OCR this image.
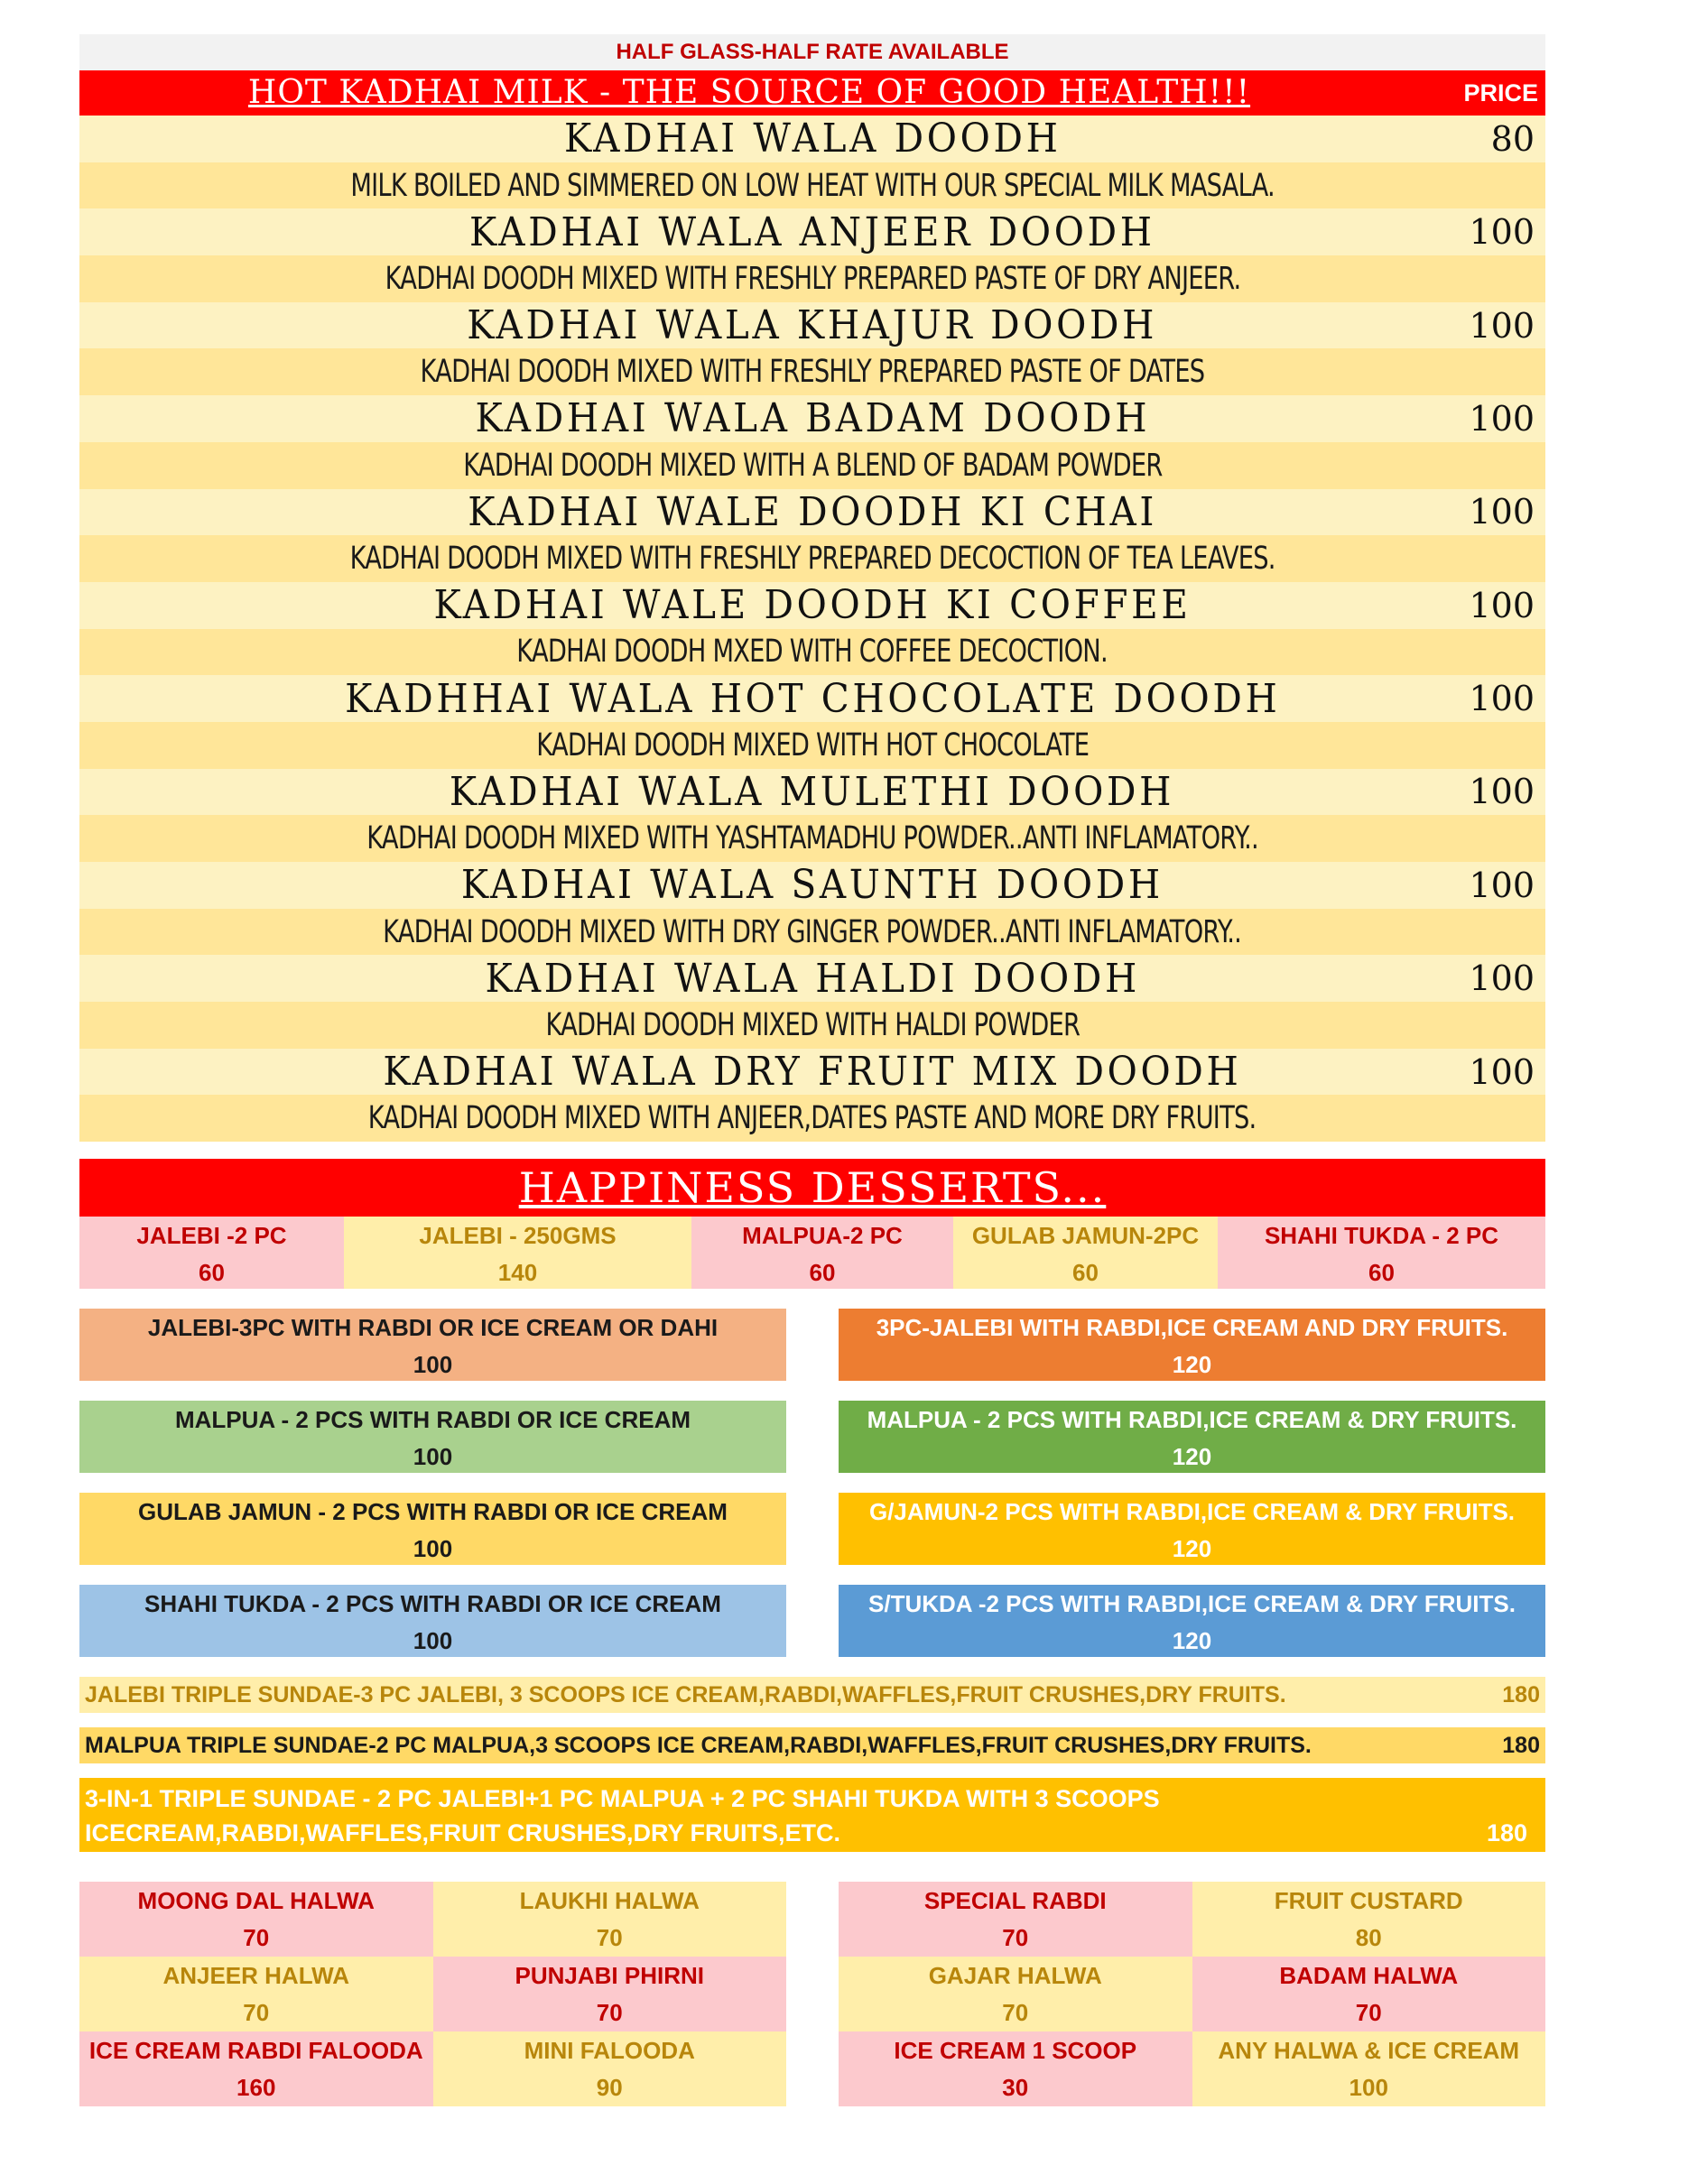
HALF GLASS-HALF RATE AVAILABLE
HOT KADHAI MILK - THE SOURCE OF GOOD HEALTH!!!	PRICE
KADHAI WALA DOODH	80
MILK BOILED AND SIMMERED ON LOW HEAT WITH OUR SPECIAL MILK MASALA.
KADHAI WALA ANJEER DOODH	100
KADHAI DOODH MIXED WITH FRESHLY PREPARED PASTE OF DRY ANJEER.
KADHAI WALA KHAJUR DOODH	100
KADHAI DOODH MIXED WITH FRESHLY PREPARED PASTE OF DATES
KADHAI WALA BADAM DOODH	100
KADHAI DOODH MIXED WITH A BLEND OF BADAM POWDER
KADHAI WALE DOODH KI CHAI	100
KADHAI DOODH MIXED WITH FRESHLY PREPARED DECOCTION OF TEA LEAVES.
KADHAI WALE DOODH KI COFFEE	100
KADHAI DOODH MXED WITH COFFEE DECOCTION.
KADHHAI WALA HOT CHOCOLATE DOODH	100
KADHAI DOODH MIXED WITH HOT CHOCOLATE
KADHAI WALA MULETHI DOODH	100
KADHAI DOODH MIXED WITH YASHTAMADHU POWDER..ANTI INFLAMATORY..
KADHAI WALA SAUNTH DOODH	100
KADHAI DOODH MIXED WITH DRY GINGER POWDER..ANTI INFLAMATORY..
KADHAI WALA HALDI DOODH	100
KADHAI DOODH MIXED WITH HALDI POWDER
KADHAI WALA DRY FRUIT MIX DOODH	100
KADHAI DOODH MIXED WITH ANJEER,DATES PASTE AND MORE DRY FRUITS.
HAPPINESS DESSERTS...
JALEBI -2 PC
60
JALEBI - 250GMS
140
MALPUA-2 PC
60
GULAB JAMUN-2PC
60
SHAHI TUKDA - 2 PC
60
JALEBI-3PC WITH RABDI OR ICE CREAM OR DAHI
100
3PC-JALEBI WITH RABDI,ICE CREAM AND DRY FRUITS.
120
MALPUA - 2 PCS WITH RABDI OR ICE CREAM
100
MALPUA - 2 PCS WITH RABDI,ICE CREAM & DRY FRUITS.
120
GULAB JAMUN - 2 PCS WITH RABDI OR ICE CREAM
100
G/JAMUN-2 PCS WITH RABDI,ICE CREAM & DRY FRUITS.
120
SHAHI TUKDA - 2 PCS WITH RABDI OR ICE CREAM
100
S/TUKDA -2 PCS WITH RABDI,ICE CREAM & DRY FRUITS.
120
JALEBI TRIPLE SUNDAE-3 PC JALEBI, 3 SCOOPS ICE CREAM,RABDI,WAFFLES,FRUIT CRUSHES,DRY FRUITS.	180
MALPUA TRIPLE SUNDAE-2 PC MALPUA,3 SCOOPS ICE CREAM,RABDI,WAFFLES,FRUIT CRUSHES,DRY FRUITS.	180
3-IN-1 TRIPLE SUNDAE - 2 PC JALEBI+1 PC MALPUA + 2 PC SHAHI TUKDA WITH 3 SCOOPS
ICECREAM,RABDI,WAFFLES,FRUIT CRUSHES,DRY FRUITS,ETC.	180
MOONG DAL HALWA
70
LAUKHI HALWA
70
ANJEER HALWA
70
PUNJABI PHIRNI
70
ICE CREAM RABDI FALOODA
160
MINI FALOODA
90
SPECIAL RABDI
70
FRUIT CUSTARD
80
GAJAR HALWA
70
BADAM HALWA
70
ICE CREAM 1 SCOOP
30
ANY HALWA & ICE CREAM
100
